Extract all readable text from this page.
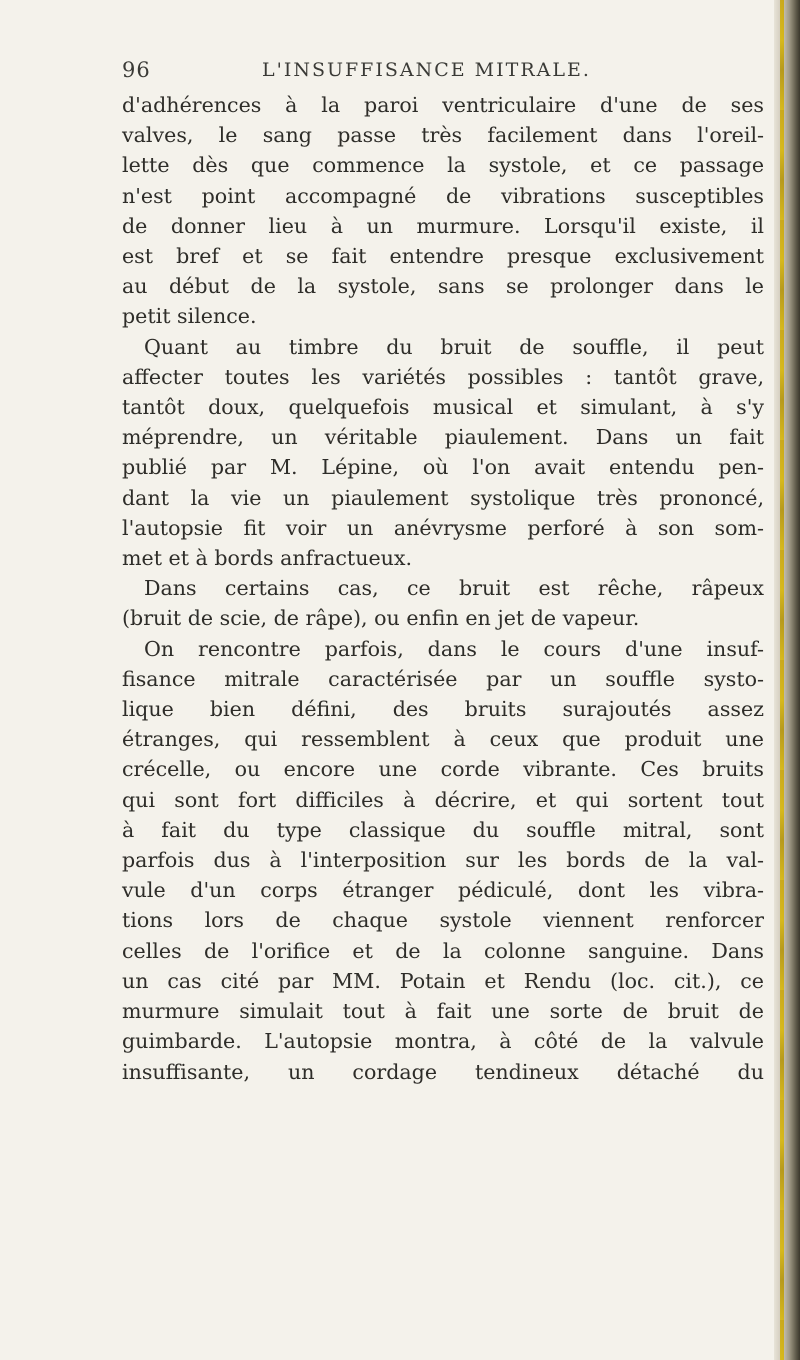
96	L'INSUFFISANCE MITRALE.
d'adhérences à la paroi ventriculaire d'une de ses
valves, le sang passe très facilement dans l'oreil-
lette dès que commence la systole, et ce passage
n'est point accompagné de vibrations susceptibles
de donner lieu à un murmure. Lorsqu'il existe, il
est bref et se fait entendre presque exclusivement
au début de la systole, sans se prolonger dans le
petit silence.
Quant au timbre du bruit de souffle, il peut
affecter toutes les variétés possibles : tantôt grave,
tantôt doux, quelquefois musical et simulant, à s'y
méprendre, un véritable piaulement. Dans un fait
publié par M. Lépine, où l'on avait entendu pen-
dant la vie un piaulement systolique très prononcé,
l'autopsie fit voir un anévrysme perforé à son som-
met et à bords anfractueux.
Dans certains cas, ce bruit est rêche, râpeux
(bruit de scie, de râpe), ou enfin en jet de vapeur.
On rencontre parfois, dans le cours d'une insuf-
fisance mitrale caractérisée par un souffle systo-
lique bien défini, des bruits surajoutés assez
étranges, qui ressemblent à ceux que produit une
crécelle, ou encore une corde vibrante. Ces bruits
qui sont fort difficiles à décrire, et qui sortent tout
à fait du type classique du souffle mitral, sont
parfois dus à l'interposition sur les bords de la val-
vule d'un corps étranger pédiculé, dont les vibra-
tions lors de chaque systole viennent renforcer
celles de l'orifice et de la colonne sanguine. Dans
un cas cité par MM. Potain et Rendu (loc. cit.), ce
murmure simulait tout à fait une sorte de bruit de
guimbarde. L'autopsie montra, à côté de la valvule
insuffisante, un cordage tendineux détaché du
